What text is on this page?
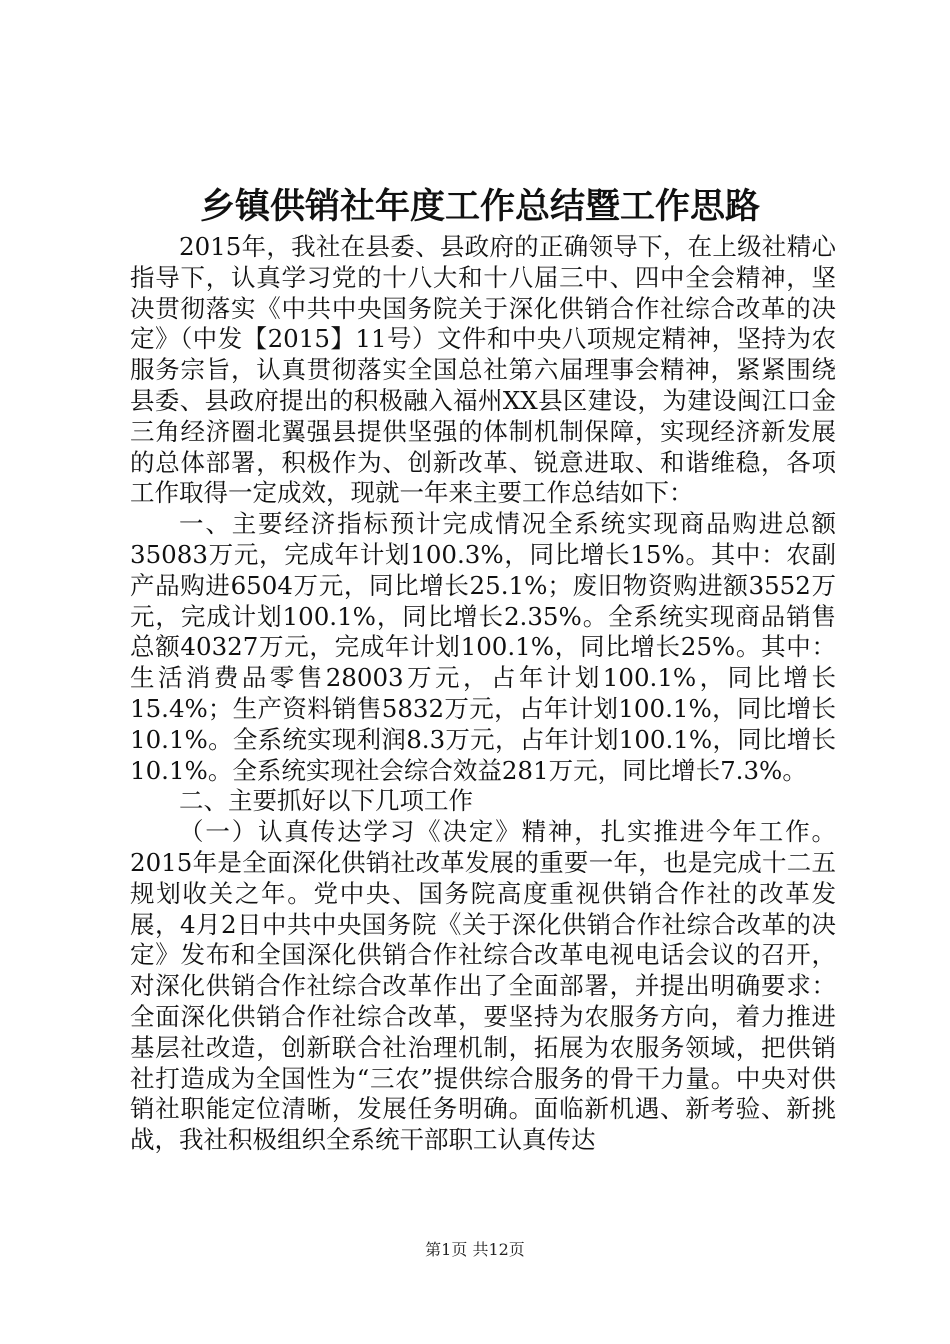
乡镇供销社年度工作总结暨工作思路

2015年，我社在县委、县政府的正确领导下，在上级社精心指导下，认真学习党的十八大和十八届三中、四中全会精神，坚决贯彻落实《中共中央国务院关于深化供销合作社综合改革的决定》（中发【2015】11号）文件和中央八项规定精神，坚持为农服务宗旨，认真贯彻落实全国总社第六届理事会精神，紧紧围绕县委、县政府提出的积极融入福州XX县区建设，为建设闽江口金三角经济圈北翼强县提供坚强的体制机制保障，实现经济新发展的总体部署，积极作为、创新改革、锐意进取、和谐维稳，各项工作取得一定成效，现就一年来主要工作总结如下：

一、主要经济指标预计完成情况全系统实现商品购进总额35083万元，完成年计划100.3%，同比增长15%。其中：农副产品购进6504万元，同比增长25.1%；废旧物资购进额3552万元，完成计划100.1%，同比增长2.35%。全系统实现商品销售总额40327万元，完成年计划100.1%，同比增长25%。其中：生活消费品零售28003万元，占年计划100.1%，同比增长15.4%；生产资料销售5832万元，占年计划100.1%，同比增长10.1%。全系统实现利润8.3万元，占年计划100.1%，同比增长10.1%。全系统实现社会综合效益281万元，同比增长7.3%。

二、主要抓好以下几项工作

（一）认真传达学习《决定》精神，扎实推进今年工作。2015年是全面深化供销社改革发展的重要一年，也是完成十二五规划收关之年。党中央、国务院高度重视供销合作社的改革发展，4月2日中共中央国务院《关于深化供销合作社综合改革的决定》发布和全国深化供销合作社综合改革电视电话会议的召开，对深化供销合作社综合改革作出了全面部署，并提出明确要求：全面深化供销合作社综合改革，要坚持为农服务方向，着力推进基层社改造，创新联合社治理机制，拓展为农服务领域，把供销社打造成为全国性为“三农”提供综合服务的骨干力量。中央对供销社职能定位清晰，发展任务明确。面临新机遇、新考验、新挑战，我社积极组织全系统干部职工认真传达

第1页 共12页
